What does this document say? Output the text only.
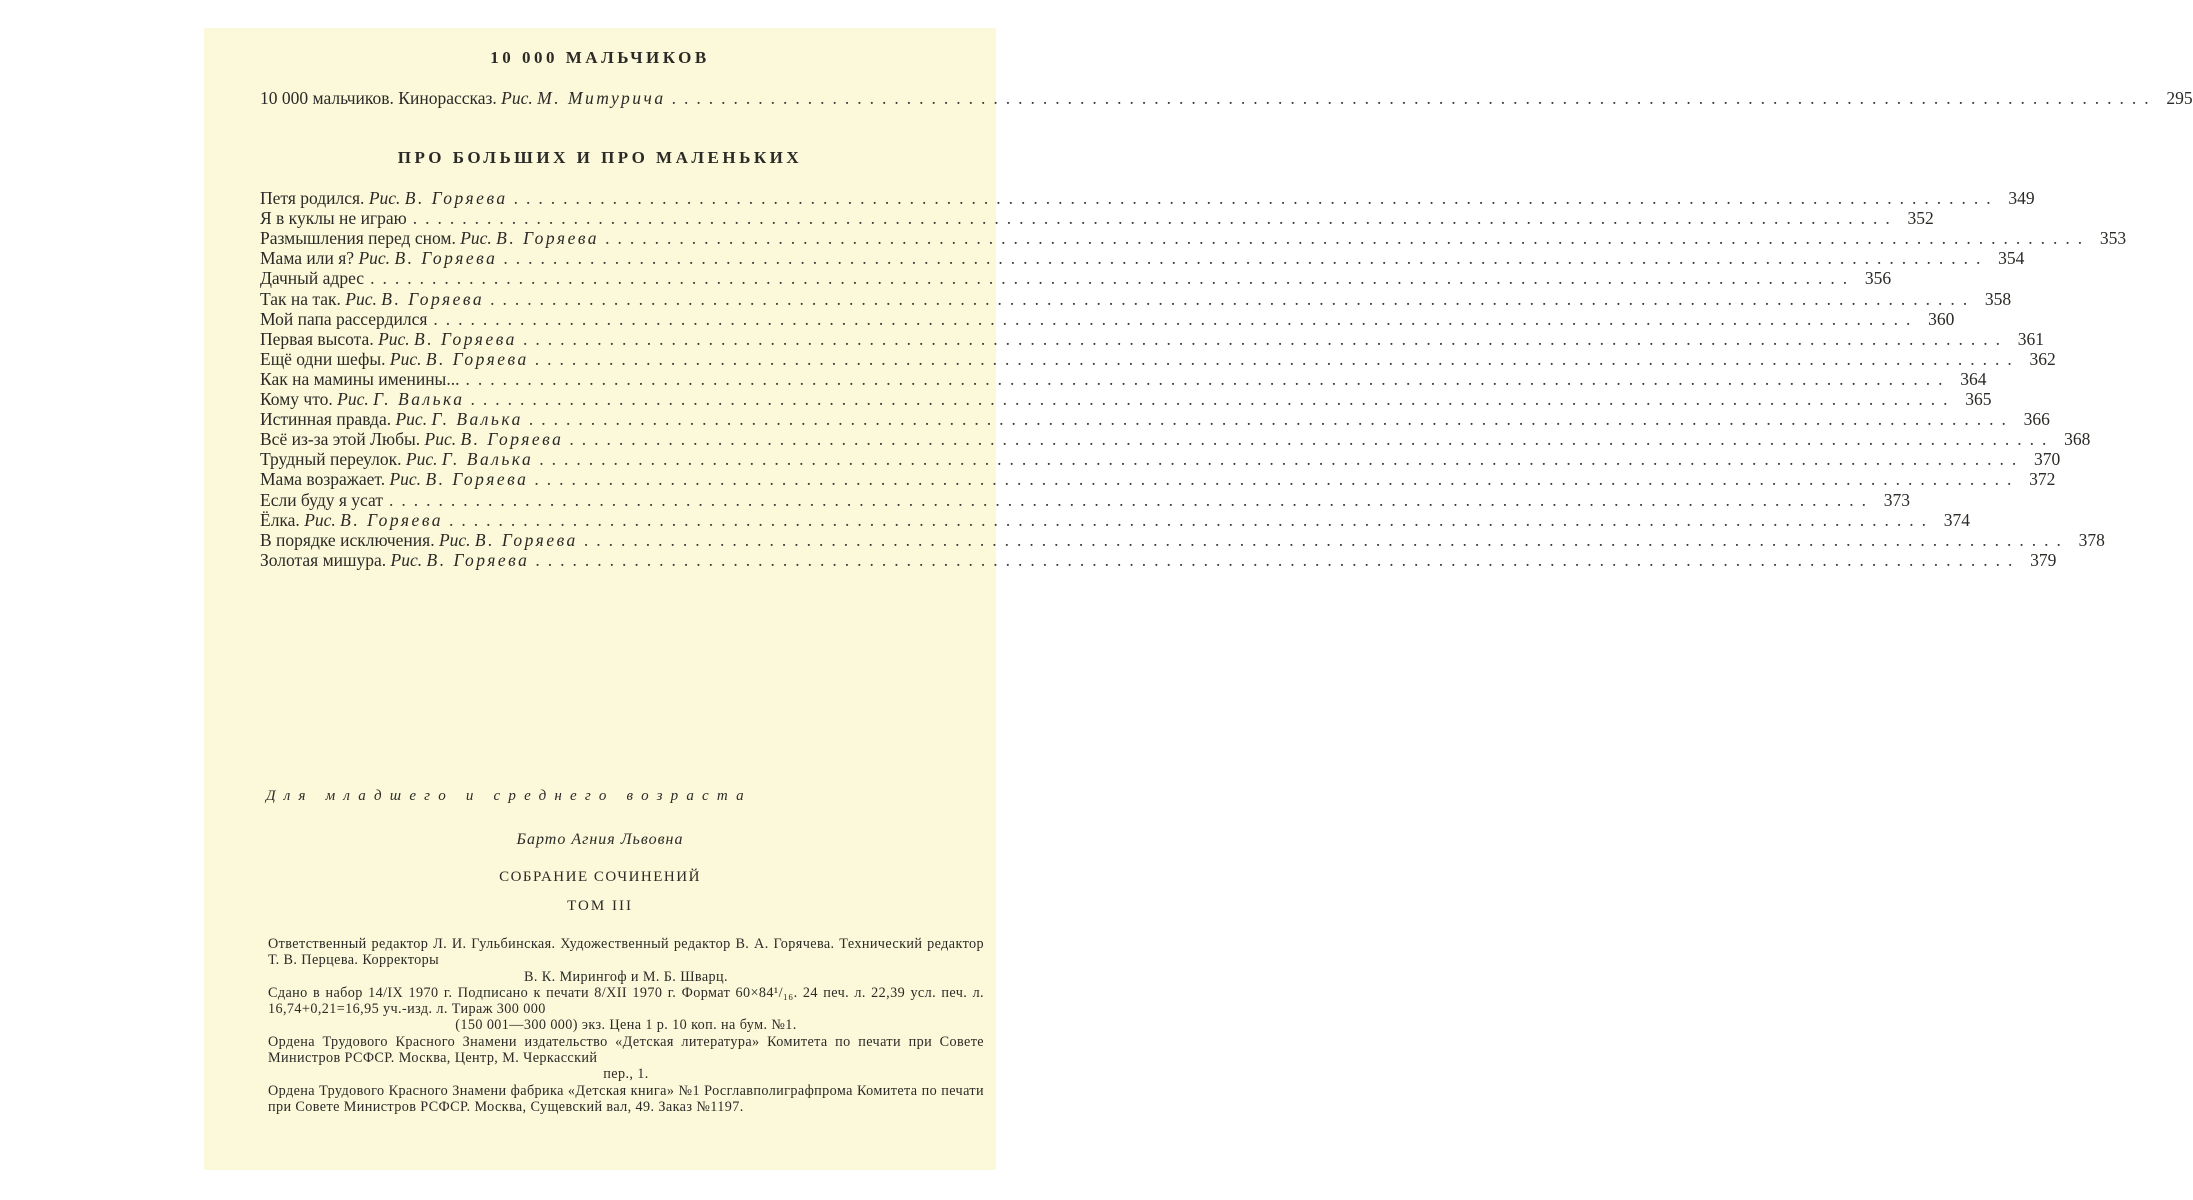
10 000 МАЛЬЧИКОВ
10 000 мальчиков. Кинорассказ. Рис. М. Митурича ........................................................................................................................ 295
ПРО БОЛЬШИХ И ПРО МАЛЕНЬКИХ
Петя родился. Рис. В. Горяева ........................................................................................................................ 349
Я в куклы не играю ........................................................................................................................ 352
Размышления перед сном. Рис. В. Горяева ........................................................................................................................ 353
Мама или я? Рис. В. Горяева ........................................................................................................................ 354
Дачный адрес ........................................................................................................................ 356
Так на так. Рис. В. Горяева ........................................................................................................................ 358
Мой папа рассердился ........................................................................................................................ 360
Первая высота. Рис. В. Горяева ........................................................................................................................ 361
Ещё одни шефы. Рис. В. Горяева ........................................................................................................................ 362
Как на мамины именины... ........................................................................................................................ 364
Кому что. Рис. Г. Валька ........................................................................................................................ 365
Истинная правда. Рис. Г. Валька ........................................................................................................................ 366
Всё из-за этой Любы. Рис. В. Горяева ........................................................................................................................ 368
Трудный переулок. Рис. Г. Валька ........................................................................................................................ 370
Мама возражает. Рис. В. Горяева ........................................................................................................................ 372
Если буду я усат ........................................................................................................................ 373
Ёлка. Рис. В. Горяева ........................................................................................................................ 374
В порядке исключения. Рис. В. Горяева ........................................................................................................................ 378
Золотая мишура. Рис. В. Горяева ........................................................................................................................ 379
Для младшего и среднего возраста
Барто Агния Львовна
СОБРАНИЕ СОЧИНЕНИЙ
ТОМ III

Ответственный редактор Л. И. Гульбинская. Художественный редактор В. А. Горячева. Технический редактор Т. В. Перцева. Корректоры

В. К. Мирингоф и М. Б. Шварц.

Сдано в набор 14/IX 1970 г. Подписано к печати 8/XII 1970 г. Формат 60×84¹/₁₆. 24 печ. л. 22,39 усл. печ. л. 16,74+0,21=16,95 уч.-изд. л. Тираж 300 000

(150 001—300 000) экз. Цена 1 р. 10 коп. на бум. №1.

Ордена Трудового Красного Знамени издательство «Детская литература» Комитета по печати при Совете Министров РСФСР. Москва, Центр, М. Черкасский

пер., 1.

Ордена Трудового Красного Знамени фабрика «Детская книга» №1 Росглавполиграфпрома Комитета по печати при Совете Министров РСФСР. Москва, Сущевский вал, 49. Заказ №1197.
